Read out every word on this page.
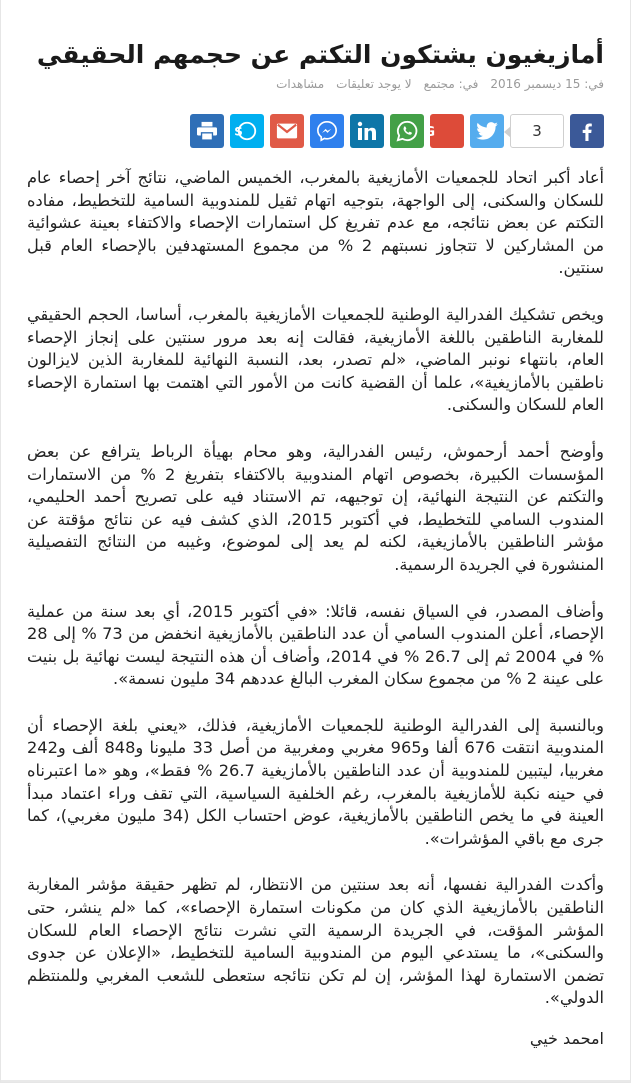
أمازيغيون يشتكون التكتم عن حجمهم الحقيقي
في: 15 ديسمبر 2016
في: مجتمع
لا يوجد تعليقات
مشاهدات
3
G
S

أعاد أكبر اتحاد للجمعيات الأمازيغية بالمغرب، الخميس الماضي، نتائج آخر إحصاء عام للسكان والسكنى، إلى الواجهة، بتوجيه اتهام ثقيل للمندوبية السامية للتخطيط، مفاده التكتم عن بعض نتائجه، مع عدم تفريغ كل استمارات الإحصاء والاكتفاء بعينة عشوائية من المشاركين لا تتجاوز نسبتهم 2 % من مجموع المستهدفين بالإحصاء العام قبل سنتين.

ويخص تشكيك الفدرالية الوطنية للجمعيات الأمازيغية بالمغرب، أساسا، الحجم الحقيقي للمغاربة الناطقين باللغة الأمازيغية، فقالت إنه بعد مرور سنتين على إنجاز الإحصاء العام، بانتهاء نونبر الماضي، «لم تصدر، بعد، النسبة النهائية للمغاربة الذين لايزالون ناطقين بالأمازيغية»، علما أن القضية كانت من الأمور التي اهتمت بها استمارة الإحصاء العام للسكان والسكنى.

وأوضح أحمد أرحموش، رئيس الفدرالية، وهو محام بهيأة الرباط يترافع عن بعض المؤسسات الكبيرة، بخصوص اتهام المندوبية بالاكتفاء بتفريغ 2 % من الاستمارات والتكتم عن النتيجة النهائية، إن توجيهه، تم الاستناد فيه على تصريح أحمد الحليمي، المندوب السامي للتخطيط، في أكتوبر 2015، الذي كشف فيه عن نتائج مؤقتة عن مؤشر الناطقين بالأمازيغية، لكنه لم يعد إلى لموضوع، وغيبه من النتائج التفصيلية المنشورة في الجريدة الرسمية.

وأضاف المصدر، في السياق نفسه، قائلا: «في أكتوبر 2015، أي بعد سنة من عملية الإحصاء، أعلن المندوب السامي أن عدد الناطقين بالأمازيغية انخفض من 73 % إلى 28 % في 2004 ثم إلى 26.7 % في 2014، وأضاف أن هذه النتيجة ليست نهائية بل بنيت على عينة 2 % من مجموع سكان المغرب البالغ عددهم 34 مليون نسمة».

وبالنسبة إلى الفدرالية الوطنية للجمعيات الأمازيغية، فذلك، «يعني بلغة الإحصاء أن المندوبية انتقت 676 ألفا و965 مغربي ومغربية من أصل 33 مليونا و848 ألف و242 مغربيا، ليتبين للمندوبية أن عدد الناطقين بالأمازيغية 26.7 % فقط»، وهو «ما اعتبرناه في حينه نكبة للأمازيغية بالمغرب، رغم الخلفية السياسية، التي تقف وراء اعتماد مبدأ العينة في ما يخص الناطقين بالأمازيغية، عوض احتساب الكل (34 مليون مغربي)، كما جرى مع باقي المؤشرات».

وأكدت الفدرالية نفسها، أنه بعد سنتين من الانتظار، لم تظهر حقيقة مؤشر المغاربة الناطقين بالأمازيغية الذي كان من مكونات استمارة الإحصاء»، كما «لم ينشر، حتى المؤشر المؤقت، في الجريدة الرسمية التي نشرت نتائج الإحصاء العام للسكان والسكنى»، ما يستدعي اليوم من المندوبية السامية للتخطيط، «الإعلان عن جدوى تضمن الاستمارة لهذا المؤشر، إن لم تكن نتائجه ستعطى للشعب المغربي وللمنتظم الدولي».

امحمد خيي
